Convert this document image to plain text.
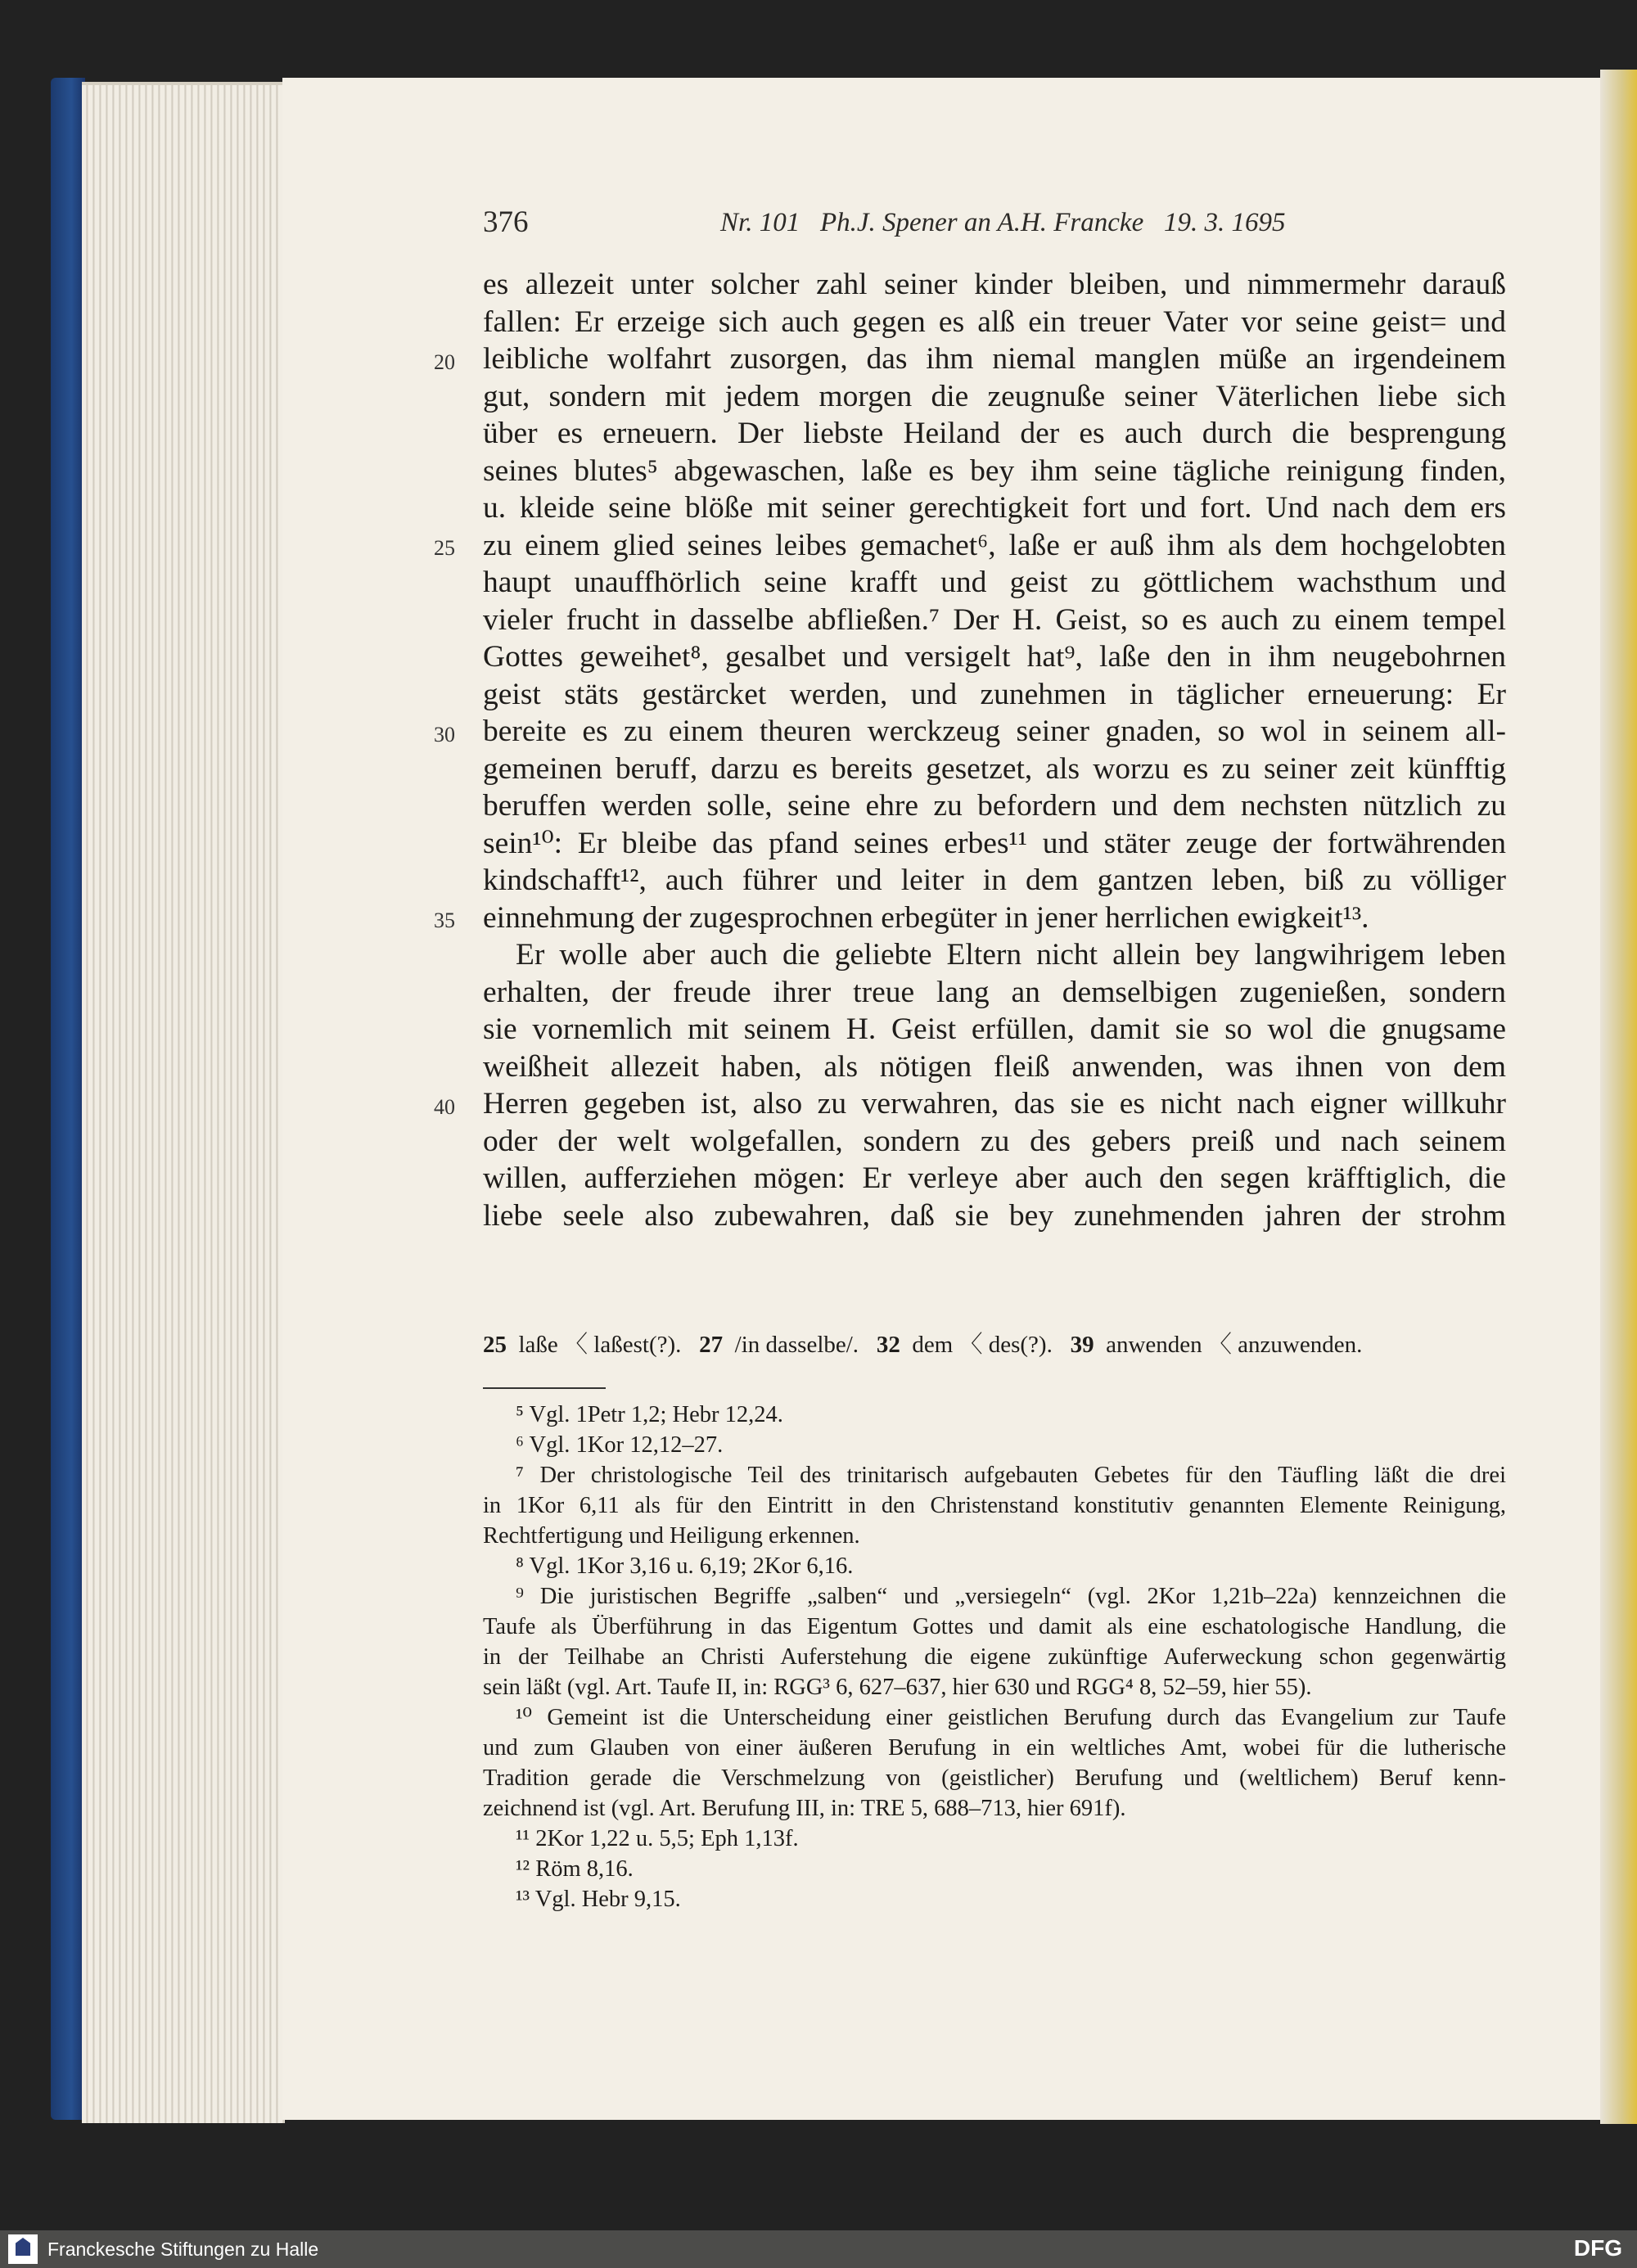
376	Nr. 101   Ph.J. Spener an A.H. Francke   19. 3. 1695
20
25
30
35
40
es allezeit unter solcher zahl seiner kinder bleiben, und nimmermehr darauß
fallen: Er erzeige sich auch gegen es alß ein treuer Vater vor seine geist= und
leibliche wolfahrt zusorgen, das ihm niemal manglen müße an irgendeinem
gut, sondern mit jedem morgen die zeugnuße seiner Väterlichen liebe sich
über es erneuern. Der liebste Heiland der es auch durch die besprengung
seines blutes⁵ abgewaschen, laße es bey ihm seine tägliche reinigung finden,
u. kleide seine blöße mit seiner gerechtigkeit fort und fort. Und nach dem ers
zu einem glied seines leibes gemachet⁶, laße er auß ihm als dem hochgelobten
haupt unauffhörlich seine krafft und geist zu göttlichem wachsthum und
vieler frucht in dasselbe abfließen.⁷ Der H. Geist, so es auch zu einem tempel
Gottes geweihet⁸, gesalbet und versigelt hat⁹, laße den in ihm neugebohrnen
geist stäts gestärcket werden, und zunehmen in täglicher erneuerung: Er
bereite es zu einem theuren werckzeug seiner gnaden, so wol in seinem all-
gemeinen beruff, darzu es bereits gesetzet, als worzu es zu seiner zeit künfftig
beruffen werden solle, seine ehre zu befordern und dem nechsten nützlich zu
sein¹⁰: Er bleibe das pfand seines erbes¹¹ und stäter zeuge der fortwährenden
kindschafft¹², auch führer und leiter in dem gantzen leben, biß zu völliger
einnehmung der zugesprochnen erbegüter in jener herrlichen ewigkeit¹³.
Er wolle aber auch die geliebte Eltern nicht allein bey langwihrigem leben
erhalten, der freude ihrer treue lang an demselbigen zugenießen, sondern
sie vornemlich mit seinem H. Geist erfüllen, damit sie so wol die gnugsame
weißheit allezeit haben, als nötigen fleiß anwenden, was ihnen von dem
Herren gegeben ist, also zu verwahren, das sie es nicht nach eigner willkuhr
oder der welt wolgefallen, sondern zu des gebers preiß und nach seinem
willen, aufferziehen mögen: Er verleye aber auch den segen kräfftiglich, die
liebe seele also zubewahren, daß sie bey zunehmenden jahren der strohm
25 laße 〈 laßest(?). 27 /in dasselbe/. 32 dem 〈 des(?). 39 anwenden 〈 anzuwenden.
⁵ Vgl. 1Petr 1,2; Hebr 12,24.
⁶ Vgl. 1Kor 12,12–27.
⁷ Der christologische Teil des trinitarisch aufgebauten Gebetes für den Täufling läßt die drei
in 1Kor 6,11 als für den Eintritt in den Christenstand konstitutiv genannten Elemente Reinigung,
Rechtfertigung und Heiligung erkennen.
⁸ Vgl. 1Kor 3,16 u. 6,19; 2Kor 6,16.
⁹ Die juristischen Begriffe „salben“ und „versiegeln“ (vgl. 2Kor 1,21b–22a) kennzeichnen die
Taufe als Überführung in das Eigentum Gottes und damit als eine eschatologische Handlung, die
in der Teilhabe an Christi Auferstehung die eigene zukünftige Auferweckung schon gegenwärtig
sein läßt (vgl. Art. Taufe II, in: RGG³ 6, 627–637, hier 630 und RGG⁴ 8, 52–59, hier 55).
¹⁰ Gemeint ist die Unterscheidung einer geistlichen Berufung durch das Evangelium zur Taufe
und zum Glauben von einer äußeren Berufung in ein weltliches Amt, wobei für die lutherische
Tradition gerade die Verschmelzung von (geistlicher) Berufung und (weltlichem) Beruf kenn-
zeichnend ist (vgl. Art. Berufung III, in: TRE 5, 688–713, hier 691f).
¹¹ 2Kor 1,22 u. 5,5; Eph 1,13f.
¹² Röm 8,16.
¹³ Vgl. Hebr 9,15.
Franckesche Stiftungen zu Halle	DFG
